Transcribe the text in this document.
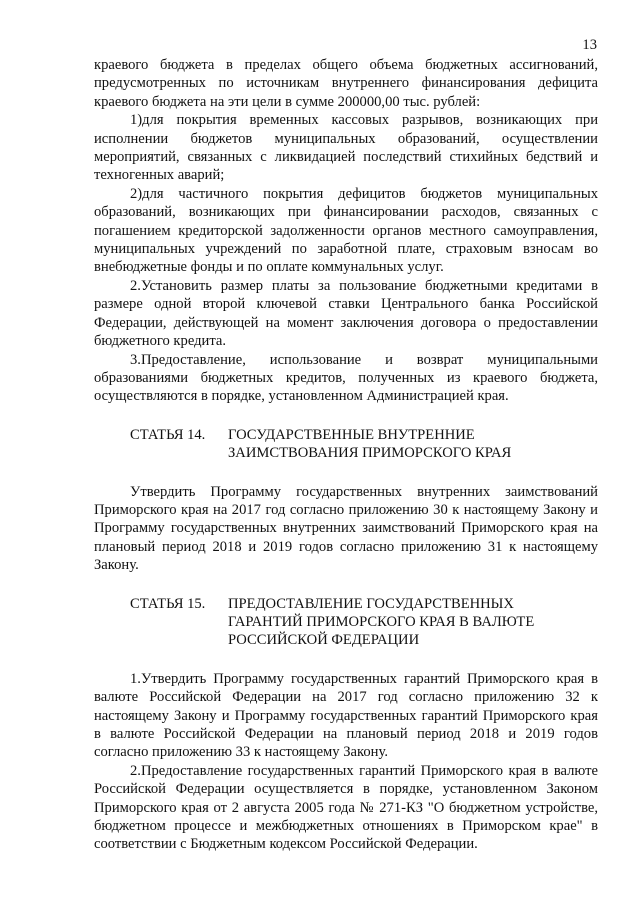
13

краевого бюджета в пределах общего объема бюджетных ассигнований, предусмотренных по источникам внутреннего финансирования дефицита краевого бюджета на эти цели в сумме 200000,00 тыс. рублей:

1)для покрытия временных кассовых разрывов, возникающих при исполнении бюджетов муниципальных образований, осуществлении мероприятий, связанных с ликвидацией последствий стихийных бедствий и техногенных аварий;

2)для частичного покрытия дефицитов бюджетов муниципальных образований, возникающих при финансировании расходов, связанных с погашением кредиторской задолженности органов местного самоуправления, муниципальных учреждений по заработной плате, страховым взносам во внебюджетные фонды и по оплате коммунальных услуг.

2.Установить размер платы за пользование бюджетными кредитами в размере одной второй ключевой ставки Центрального банка Российской Федерации, действующей на момент заключения договора о предоставлении бюджетного кредита.

3.Предоставление, использование и возврат муниципальными образованиями бюджетных кредитов, полученных из краевого бюджета, осуществляются в порядке, установленном Администрацией края.

СТАТЬЯ 14.	ГОСУДАРСТВЕННЫЕ ВНУТРЕННИЕ
ЗАИМСТВОВАНИЯ ПРИМОРСКОГО КРАЯ

Утвердить Программу государственных внутренних заимствований Приморского края на 2017 год согласно приложению 30 к настоящему Закону и Программу государственных внутренних заимствований Приморского края на плановый период 2018 и 2019 годов согласно приложению 31 к настоящему Закону.

СТАТЬЯ 15.	ПРЕДОСТАВЛЕНИЕ ГОСУДАРСТВЕННЫХ
ГАРАНТИЙ ПРИМОРСКОГО КРАЯ В ВАЛЮТЕ
РОССИЙСКОЙ ФЕДЕРАЦИИ

1.Утвердить Программу государственных гарантий Приморского края в валюте Российской Федерации на 2017 год согласно приложению 32 к настоящему Закону и Программу государственных гарантий Приморского края в валюте Российской Федерации на плановый период 2018 и 2019 годов согласно приложению 33 к настоящему Закону.

2.Предоставление государственных гарантий Приморского края в валюте Российской Федерации осуществляется в порядке, установленном Законом Приморского края от 2 августа 2005 года № 271-КЗ "О бюджетном устройстве, бюджетном процессе и межбюджетных отношениях в Приморском крае" в соответствии с Бюджетным кодексом Российской Федерации.
